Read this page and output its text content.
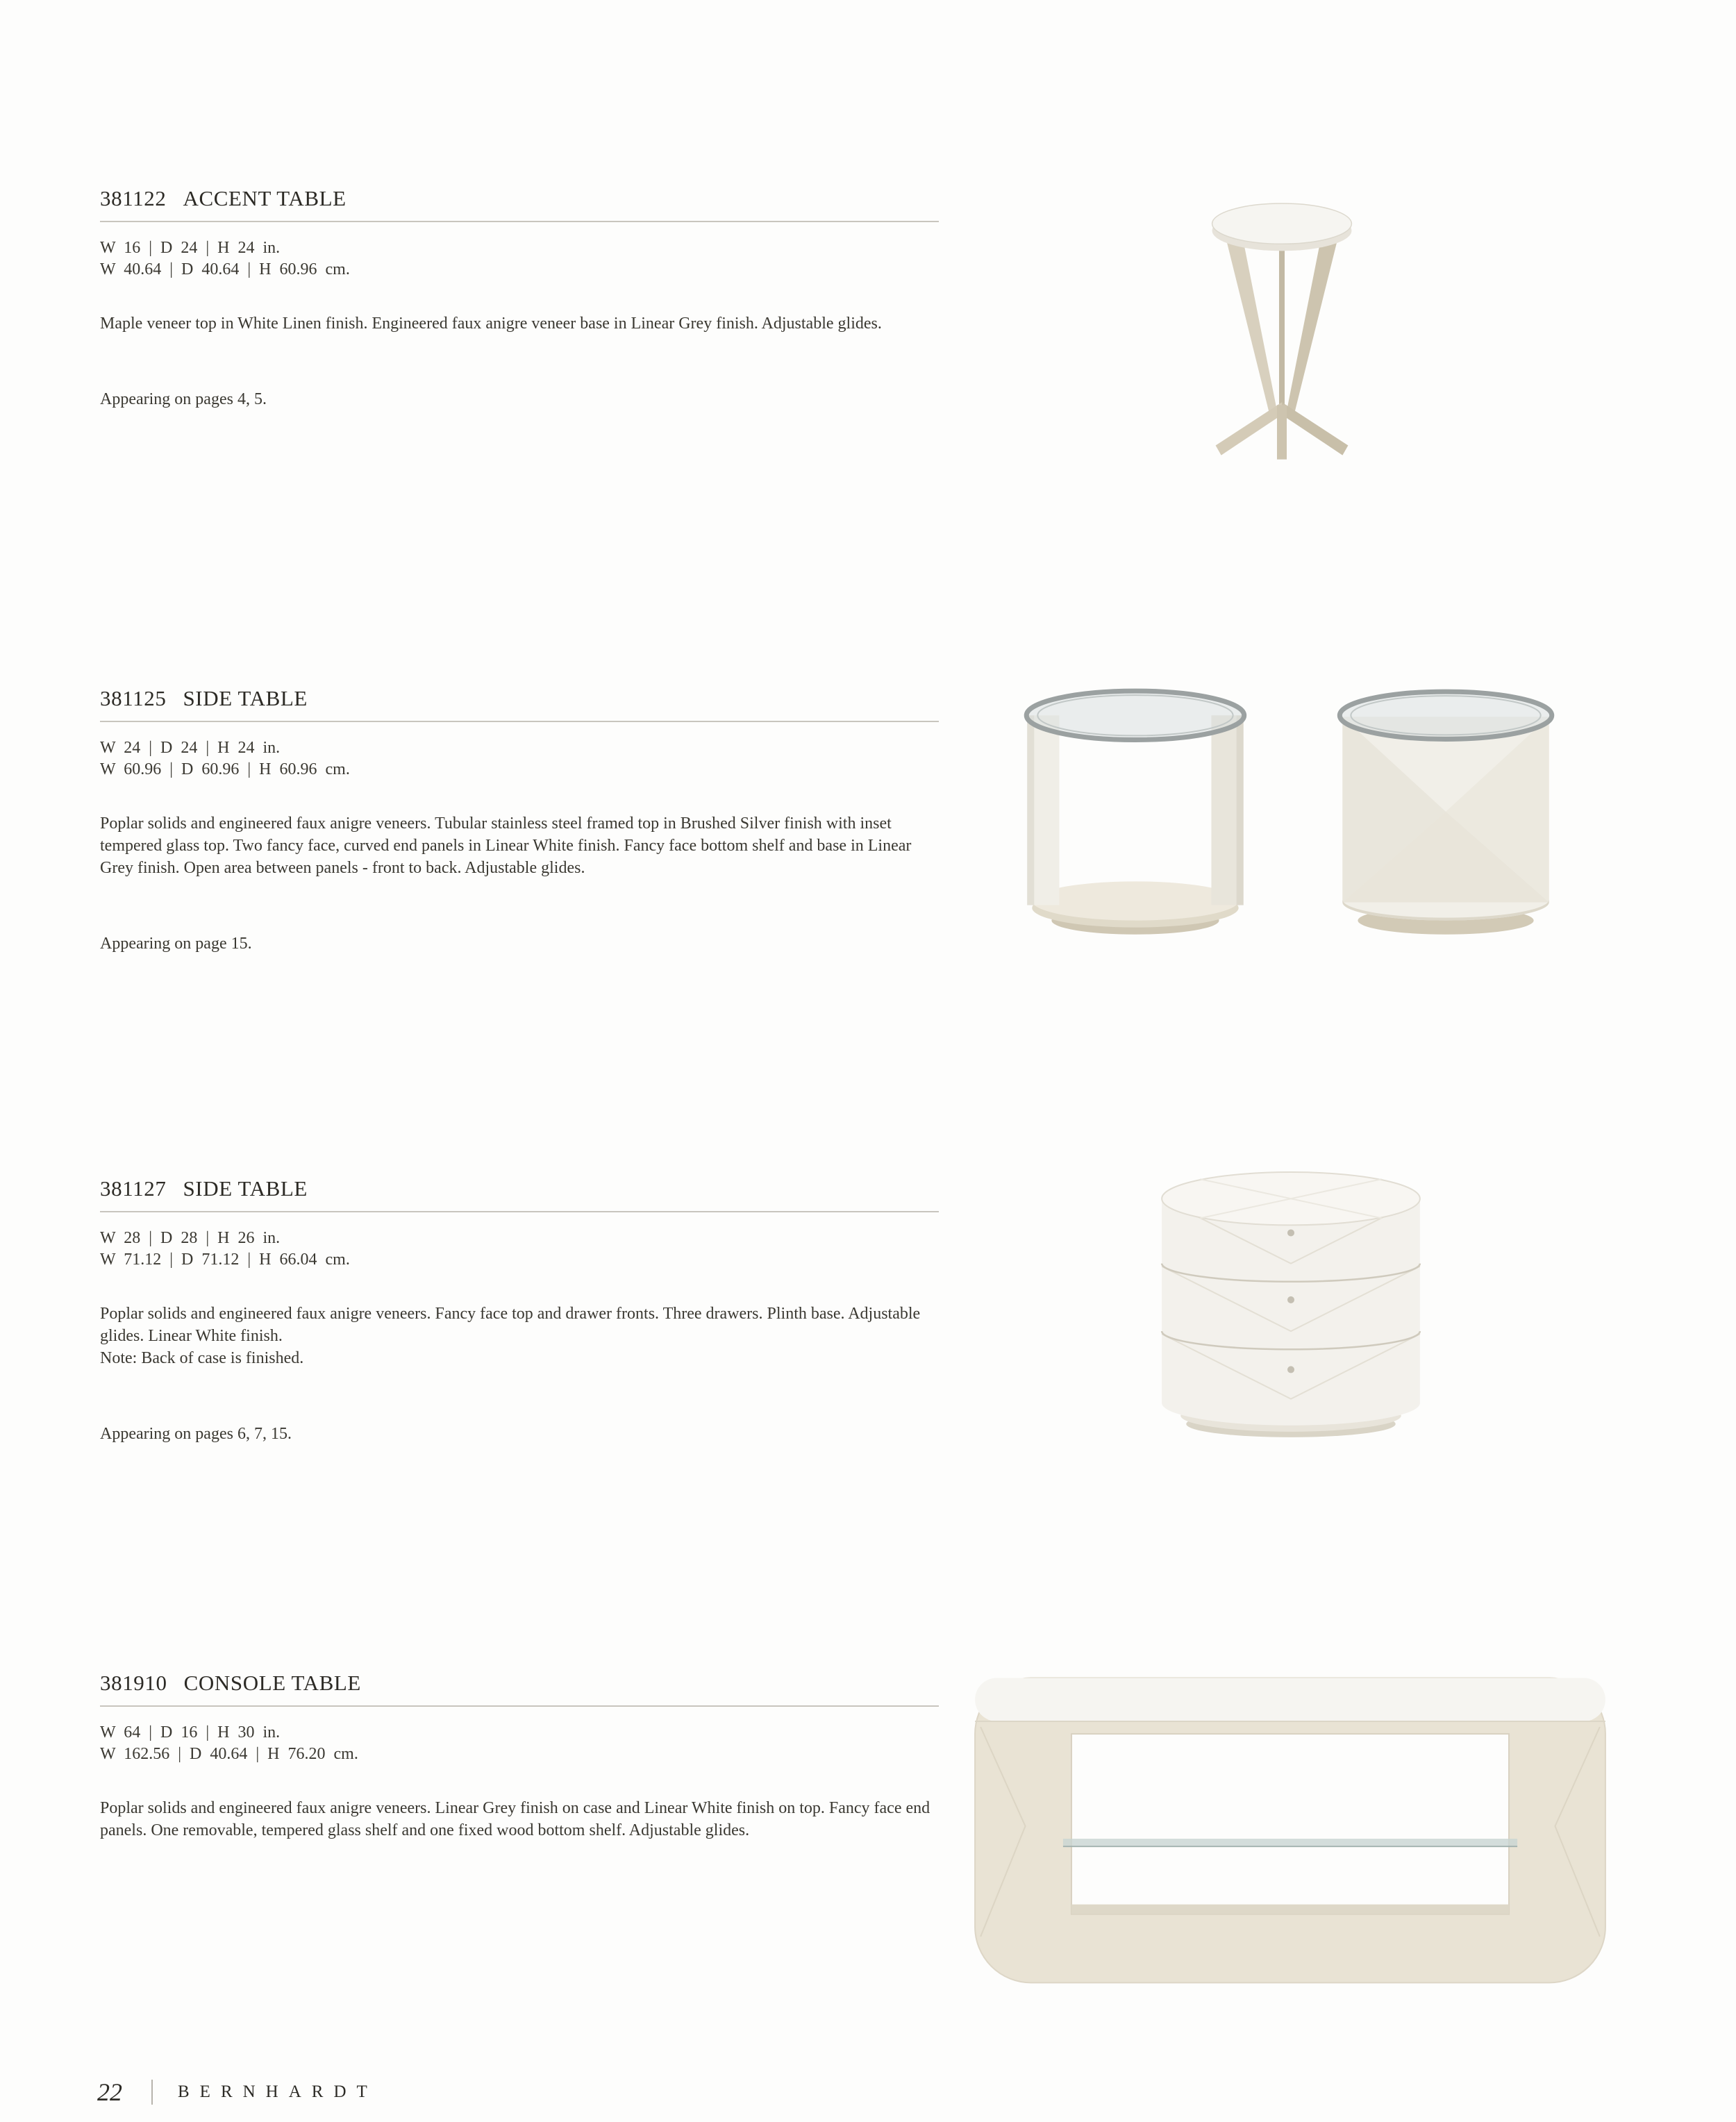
381122 ACCENT TABLE
W 16 | D 24 | H 24 in.
W 40.64 | D 40.64 | H 60.96 cm.
Maple veneer top in White Linen finish. Engineered faux anigre veneer base in Linear Grey finish. Adjustable glides.
Appearing on pages 4, 5.
381125 SIDE TABLE
W 24 | D 24 | H 24 in.
W 60.96 | D 60.96 | H 60.96 cm.
Poplar solids and engineered faux anigre veneers. Tubular stainless steel framed top in Brushed Silver finish with inset tempered glass top. Two fancy face, curved end panels in Linear White finish. Fancy face bottom shelf and base in Linear Grey finish. Open area between panels - front to back. Adjustable glides.
Appearing on page 15.
381127 SIDE TABLE
W 28 | D 28 | H 26 in.
W 71.12 | D 71.12 | H 66.04 cm.
Poplar solids and engineered faux anigre veneers. Fancy face top and drawer fronts. Three drawers. Plinth base. Adjustable glides. Linear White finish.
Note: Back of case is finished.
Appearing on pages 6, 7, 15.
381910 CONSOLE TABLE
W 64 | D 16 | H 30 in.
W 162.56 | D 40.64 | H 76.20 cm.
Poplar solids and engineered faux anigre veneers. Linear Grey finish on case and Linear White finish on top. Fancy face end panels. One removable, tempered glass shelf and one fixed wood bottom shelf. Adjustable glides.
22	BERNHARDT
